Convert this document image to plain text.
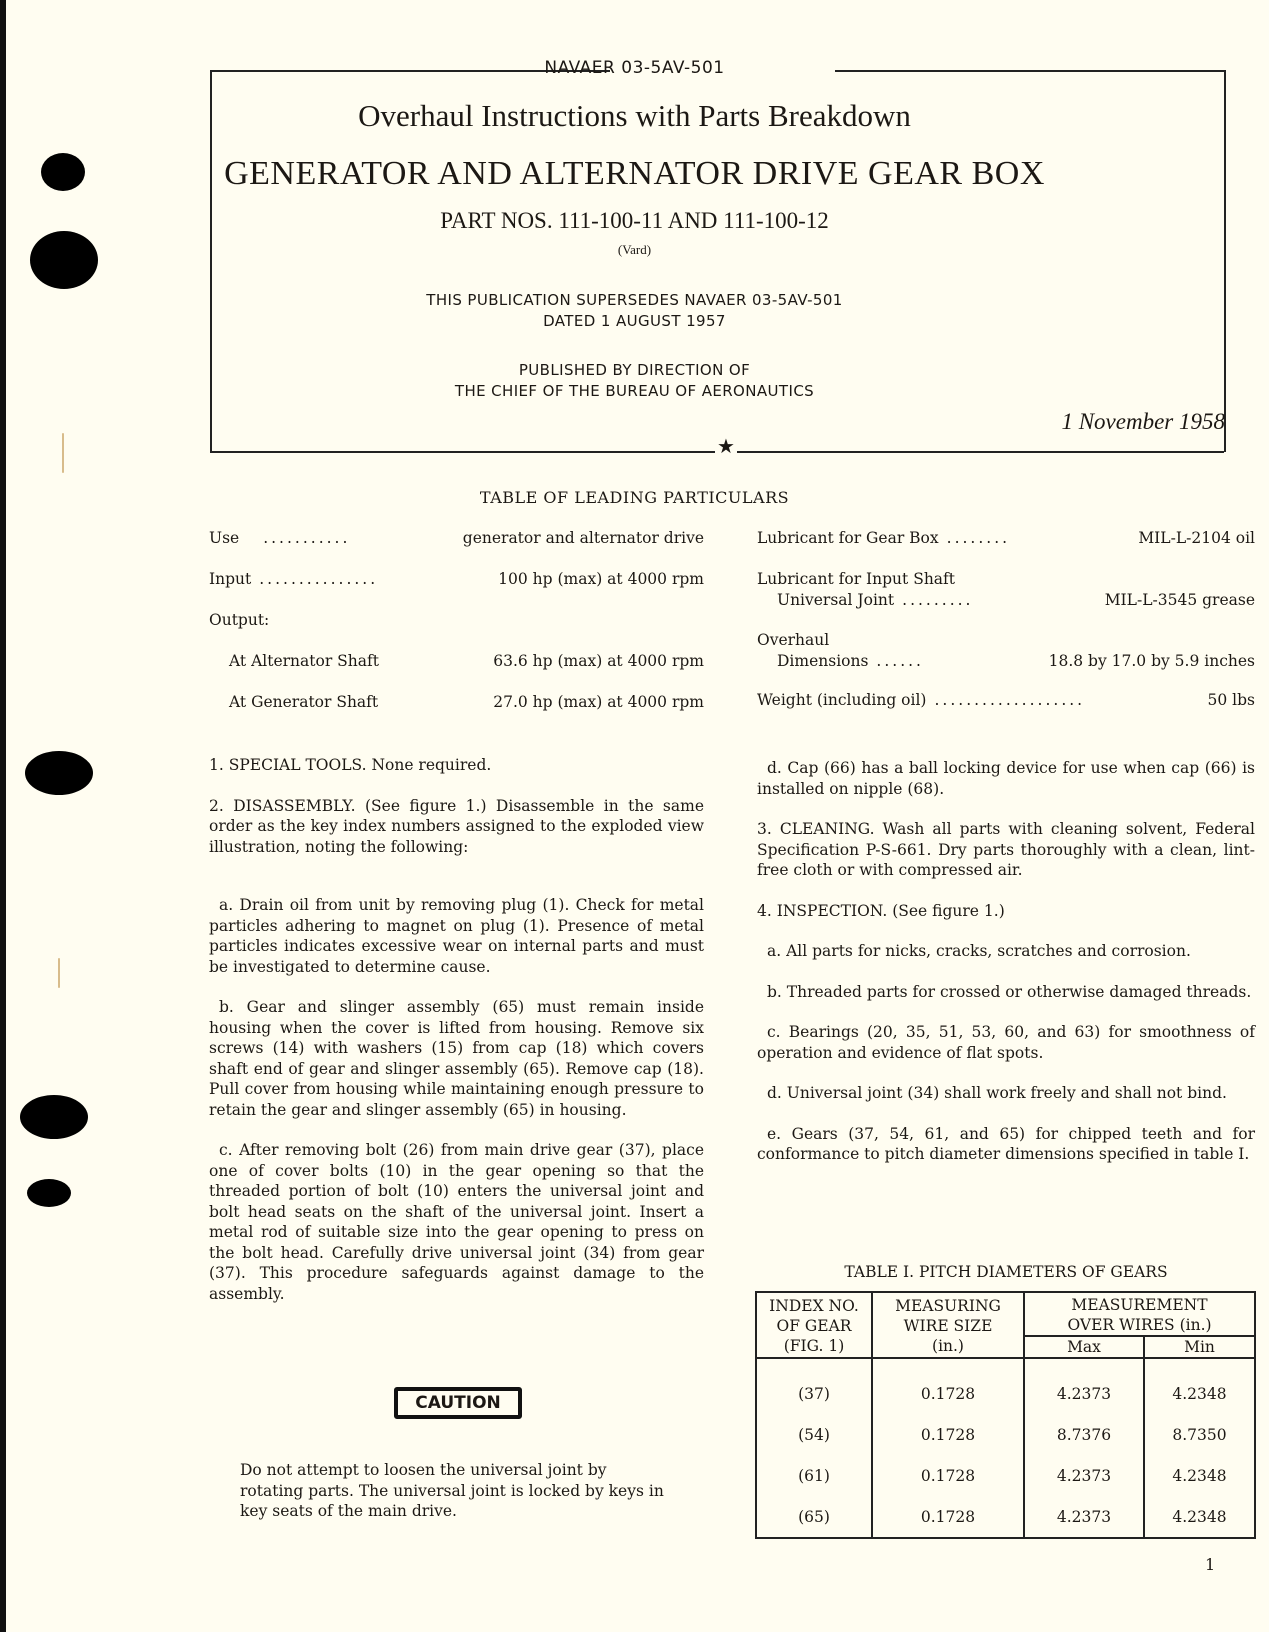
NAVAER 03-5AV-501
Overhaul Instructions with Parts Breakdown
GENERATOR AND ALTERNATOR DRIVE GEAR BOX
PART NOS. 111-100-11 AND 111-100-12
(Vard)
THIS PUBLICATION SUPERSEDES NAVAER 03-5AV-501
DATED 1 AUGUST 1957
PUBLISHED BY DIRECTION OF
THE CHIEF OF THE BUREAU OF AERONAUTICS
1 November 1958
★
TABLE OF LEADING PARTICULARS
Use ...........	generator and alternator drive
Input ...............	100 hp (max) at 4000 rpm
Output:
At Alternator Shaft	63.6 hp (max) at 4000 rpm
At Generator Shaft	27.0 hp (max) at 4000 rpm
Lubricant for Gear Box ........	MIL-L-2104 oil
Lubricant for Input Shaft
Universal Joint .........	MIL-L-3545 grease
Overhaul
Dimensions ......	18.8 by 17.0 by 5.9 inches
Weight (including oil) ...................	50 lbs

1. SPECIAL TOOLS. None required.

2. DISASSEMBLY. (See figure 1.) Disassemble in the same order as the key index numbers assigned to the exploded view illustration, noting the following:

a. Drain oil from unit by removing plug (1). Check for metal particles adhering to magnet on plug (1). Presence of metal particles indicates excessive wear on internal parts and must be investigated to determine cause.

b. Gear and slinger assembly (65) must remain inside housing when the cover is lifted from housing. Remove six screws (14) with washers (15) from cap (18) which covers shaft end of gear and slinger assembly (65). Remove cap (18). Pull cover from housing while maintaining enough pressure to retain the gear and slinger assembly (65) in housing.

c. After removing bolt (26) from main drive gear (37), place one of cover bolts (10) in the gear opening so that the threaded portion of bolt (10) enters the universal joint and bolt head seats on the shaft of the universal joint. Insert a metal rod of suitable size into the gear opening to press on the bolt head. Carefully drive universal joint (34) from gear (37). This procedure safeguards against damage to the assembly.

CAUTION
Do not attempt to loosen the universal joint by rotating parts. The universal joint is locked by keys in key seats of the main drive.

d. Cap (66) has a ball locking device for use when cap (66) is installed on nipple (68).

3. CLEANING. Wash all parts with cleaning solvent, Federal Specification P-S-661. Dry parts thoroughly with a clean, lint-free cloth or with compressed air.

4. INSPECTION. (See figure 1.)

a. All parts for nicks, cracks, scratches and corrosion.

b. Threaded parts for crossed or otherwise damaged threads.

c. Bearings (20, 35, 51, 53, 60, and 63) for smoothness of operation and evidence of flat spots.

d. Universal joint (34) shall work freely and shall not bind.

e. Gears (37, 54, 61, and 65) for chipped teeth and for conformance to pitch diameter dimensions specified in table I.

TABLE I. PITCH DIAMETERS OF GEARS
INDEX NO.
OF GEAR
(FIG. 1)

MEASURING
WIRE SIZE
(in.)

MEASUREMENT
OVER WIRES (in.)

		Max	Min
(37)	0.1728	4.2373	4.2348
(54)	0.1728	8.7376	8.7350
(61)	0.1728	4.2373	4.2348
(65)	0.1728	4.2373	4.2348
1
